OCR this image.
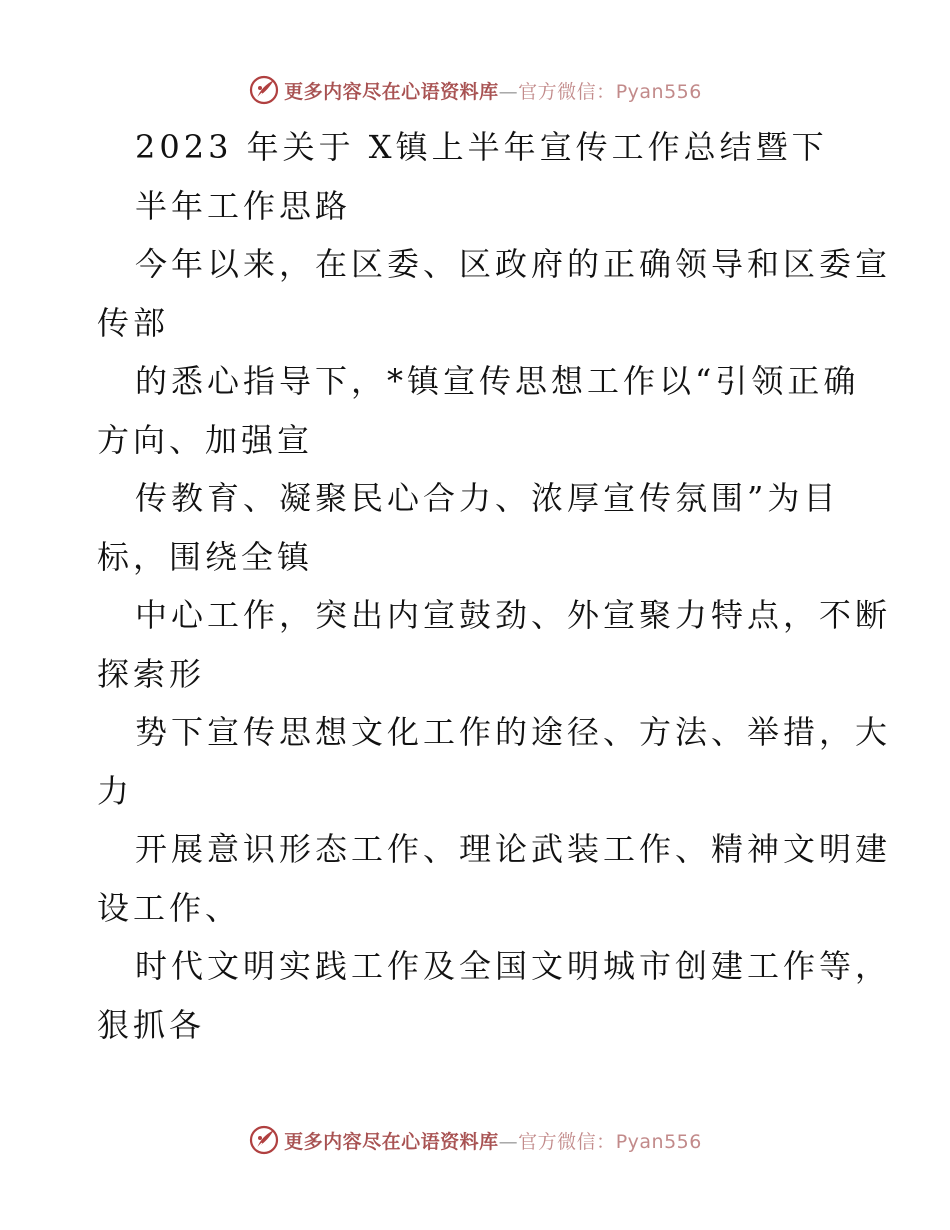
更多内容尽在心语资料库—官方微信：Pyan556
2023 年关于 X镇上半年宣传工作总结暨下
半年工作思路
今年以来，在区委、区政府的正确领导和区委宣
传部
的悉心指导下，*镇宣传思想工作以“引领正确
方向、加强宣
传教育、凝聚民心合力、浓厚宣传氛围”为目
标，围绕全镇
中心工作，突出内宣鼓劲、外宣聚力特点，不断
探索形
势下宣传思想文化工作的途径、方法、举措，大
力
开展意识形态工作、理论武装工作、精神文明建
设工作、
时代文明实践工作及全国文明城市创建工作等，
狠抓各
更多内容尽在心语资料库—官方微信：Pyan556
